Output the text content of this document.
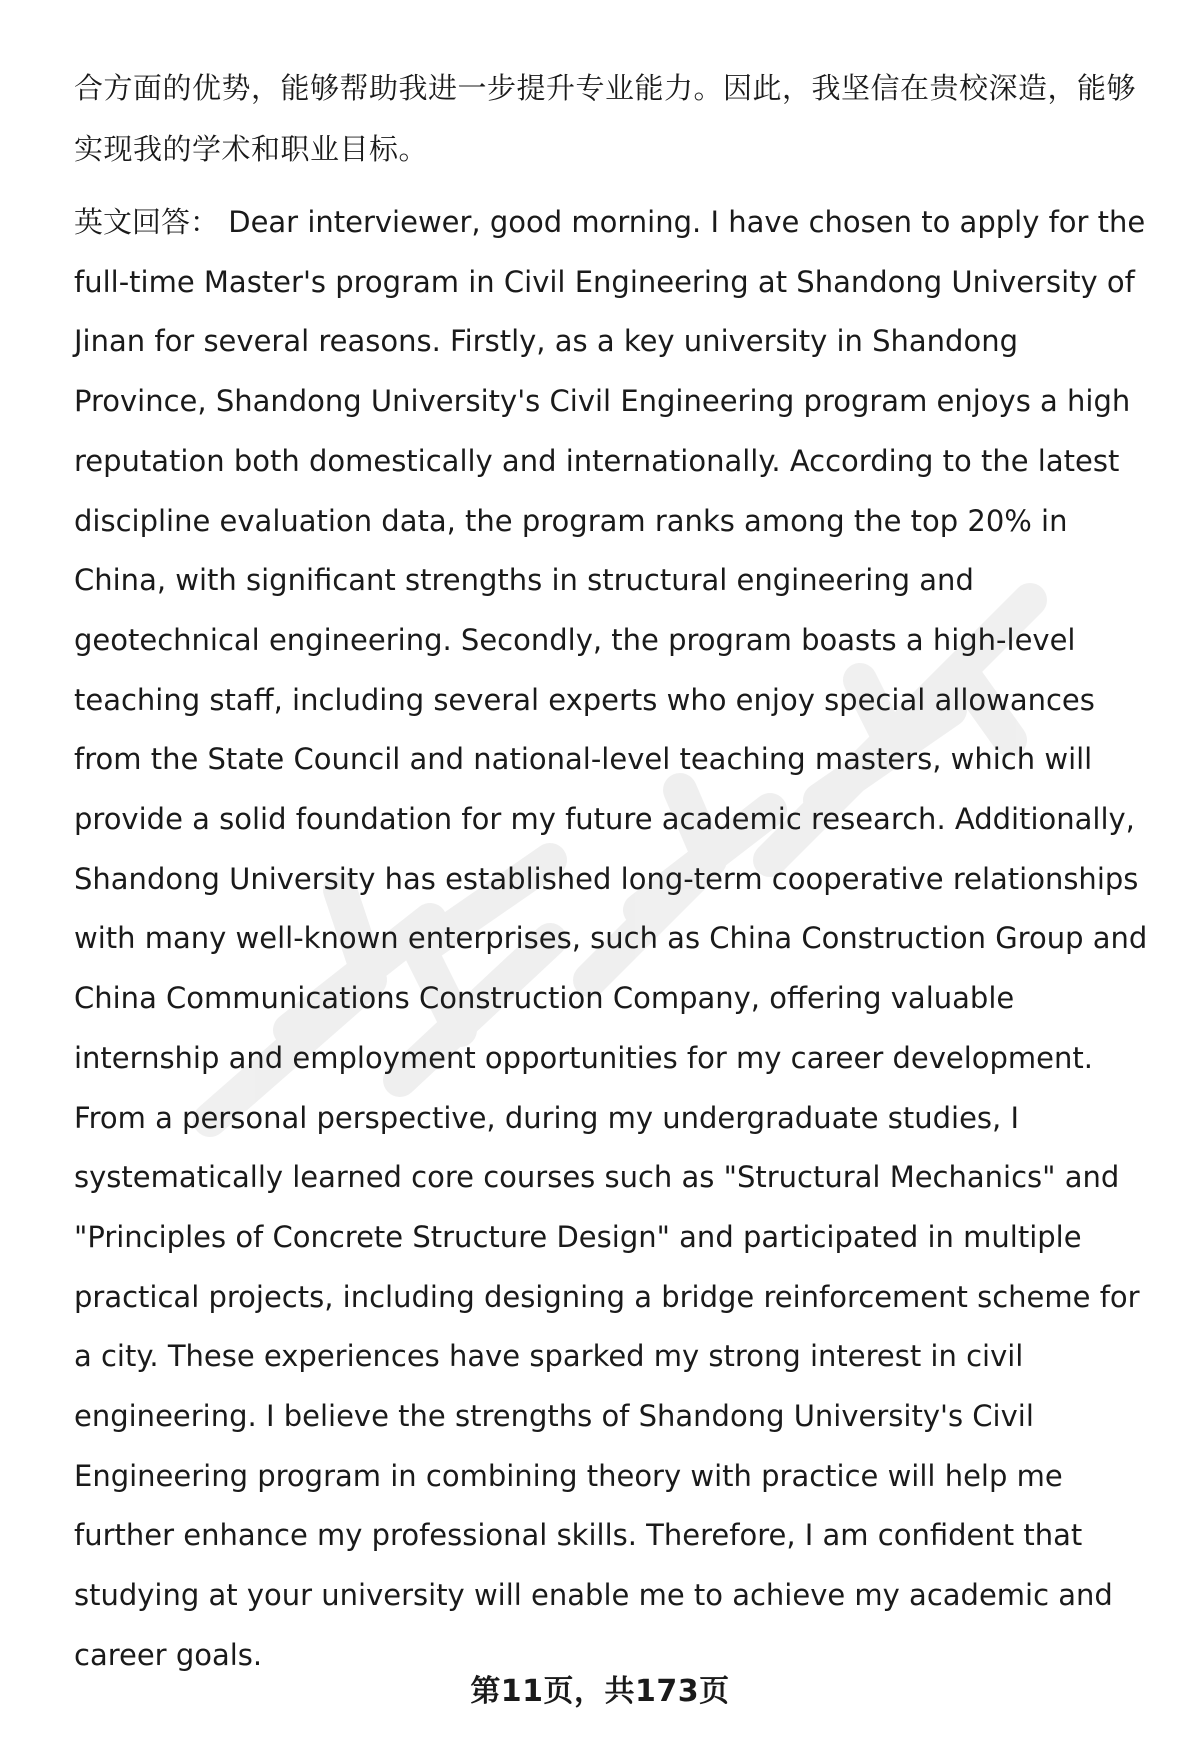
合方面的优势，能够帮助我进一步提升专业能力。因此，我坚信在贵校深造，能够实现我的学术和职业目标。

英文回答： Dear interviewer, good morning. I have chosen to apply for the full-time Master's program in Civil Engineering at Shandong University of Jinan for several reasons. Firstly, as a key university in Shandong Province, Shandong University's Civil Engineering program enjoys a high reputation both domestically and internationally. According to the latest discipline evaluation data, the program ranks among the top 20% in China, with significant strengths in structural engineering and geotechnical engineering. Secondly, the program boasts a high-level teaching staff, including several experts who enjoy special allowances from the State Council and national-level teaching masters, which will provide a solid foundation for my future academic research. Additionally, Shandong University has established long-term cooperative relationships with many well-known enterprises, such as China Construction Group and China Communications Construction Company, offering valuable internship and employment opportunities for my career development. From a personal perspective, during my undergraduate studies, I systematically learned core courses such as "Structural Mechanics" and "Principles of Concrete Structure Design" and participated in multiple practical projects, including designing a bridge reinforcement scheme for a city. These experiences have sparked my strong interest in civil engineering. I believe the strengths of Shandong University's Civil Engineering program in combining theory with practice will help me further enhance my professional skills. Therefore, I am confident that studying at your university will enable me to achieve my academic and career goals.

第11页，共173页
